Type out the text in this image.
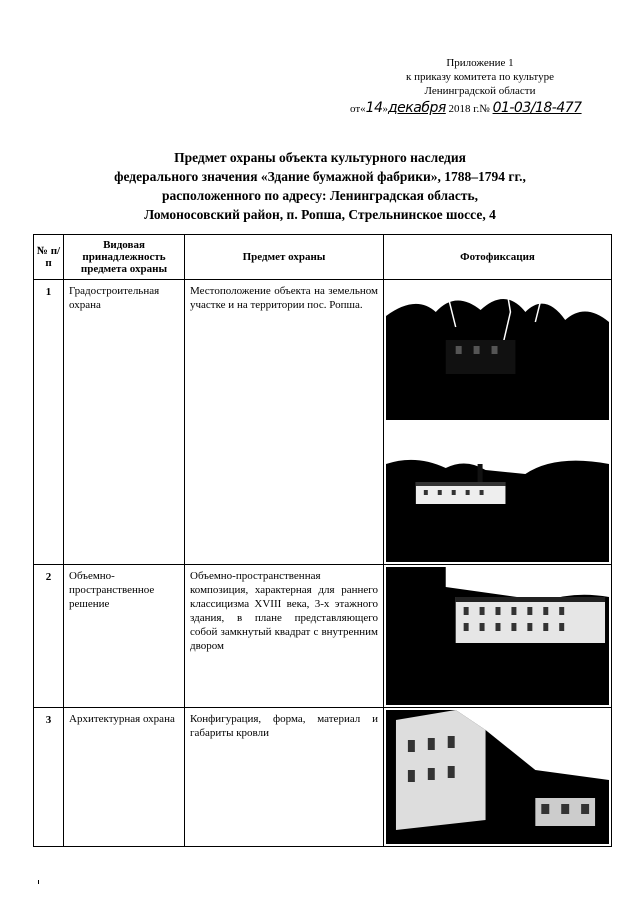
Приложение 1
к приказу комитета по культуре
Ленинградской области
от«14»декабря 2018 г.№ 01-03/18-477
Предмет охраны объекта культурного наследия
федерального значения «Здание бумажной фабрики», 1788–1794 гг.,
расположенного по адресу: Ленинградская область,
Ломоносовский район, п. Ропша, Стрельнинское шоссе, 4
№ п/п	Видовая принадлежность предмета охраны	Предмет охраны	Фотофиксация
1	Градостроительная охрана	Местоположение объекта на земельном участке и на территории пос. Ропша.	

2	Объемно-пространственное решение	Объемно-пространственная композиция, характерная для раннего классицизма XVIII века, 3-х этажного здания, в плане представляющего собой замкнутый квадрат с внутренним двором	

3	Архитектурная охрана	Конфигурация, форма, материал и габариты кровли	
